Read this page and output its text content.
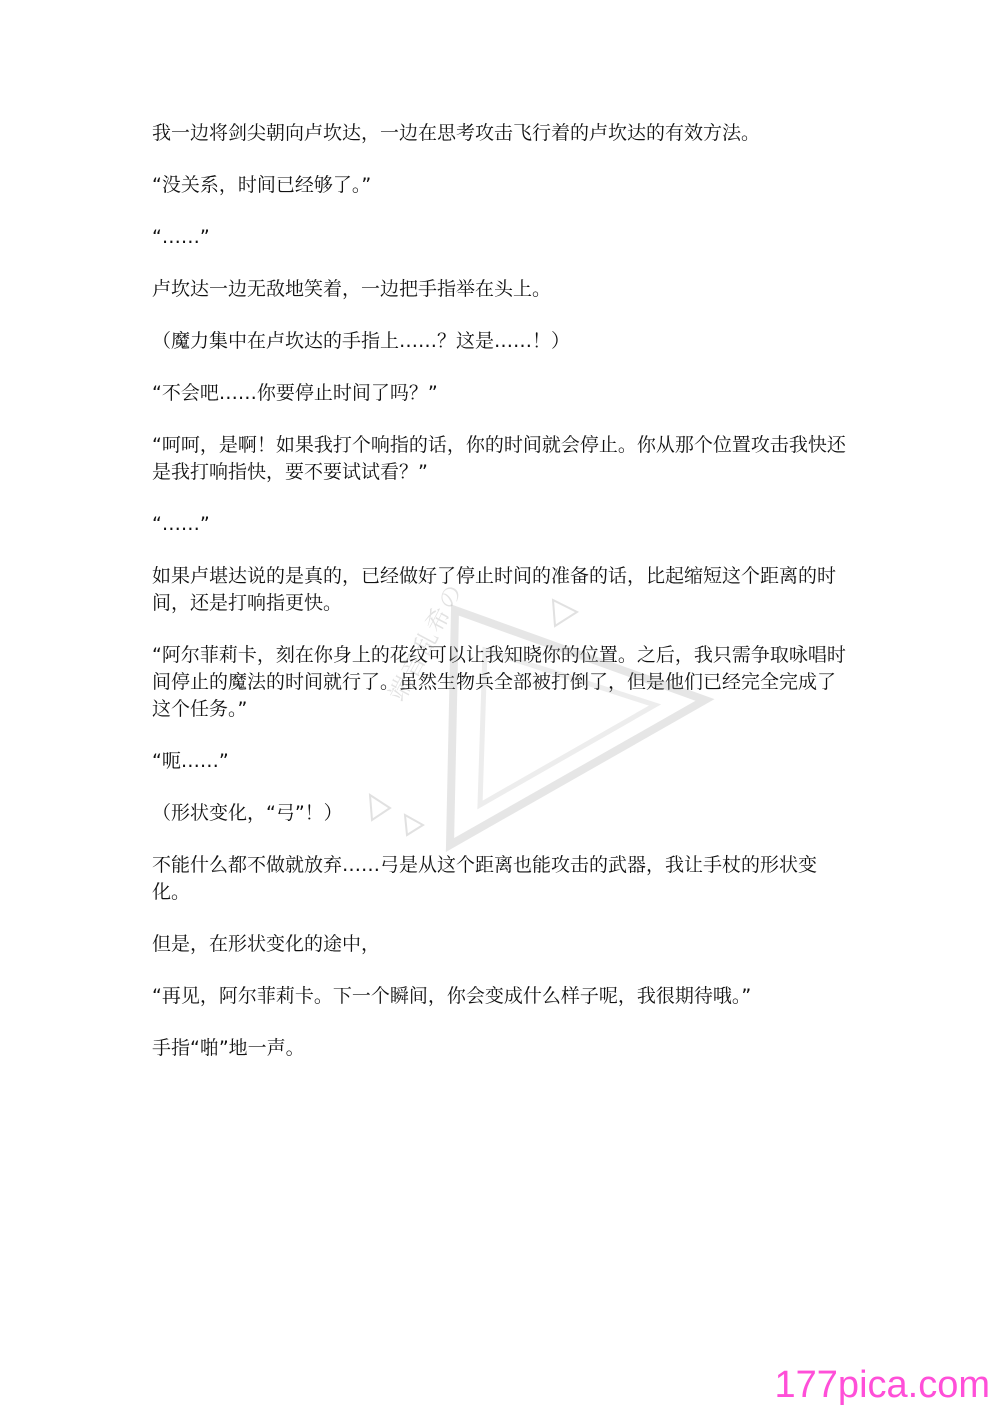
我一边将剑尖朝向卢坎达，一边在思考攻击飞行着的卢坎达的有效方法。

“没关系，时间已经够了。”

“……”

卢坎达一边无敌地笑着，一边把手指举在头上。

（魔力集中在卢坎达的手指上……？这是……！）

“不会吧……你要停止时间了吗？”

“呵呵，是啊！如果我打个响指的话，你的时间就会停止。你从那个位置攻击我快还是我打响指快，要不要试试看？”

“……”

如果卢堪达说的是真的，已经做好了停止时间的准备的话，比起缩短这个距离的时间，还是打响指更快。

“阿尔菲莉卡，刻在你身上的花纹可以让我知晓你的位置。之后，我只需争取咏唱时间停止的魔法的时间就行了。虽然生物兵全部被打倒了，但是他们已经完全完成了这个任务。”

“呃……”

（形状变化，“弓”！）

不能什么都不做就放弃……弓是从这个距离也能攻击的武器，我让手杖的形状变化。

但是，在形状变化的途中，

“再见，阿尔菲莉卡。下一个瞬间，你会变成什么样子呢，我很期待哦。”

手指“啪”地一声。

端音乱希の
177pica.com
